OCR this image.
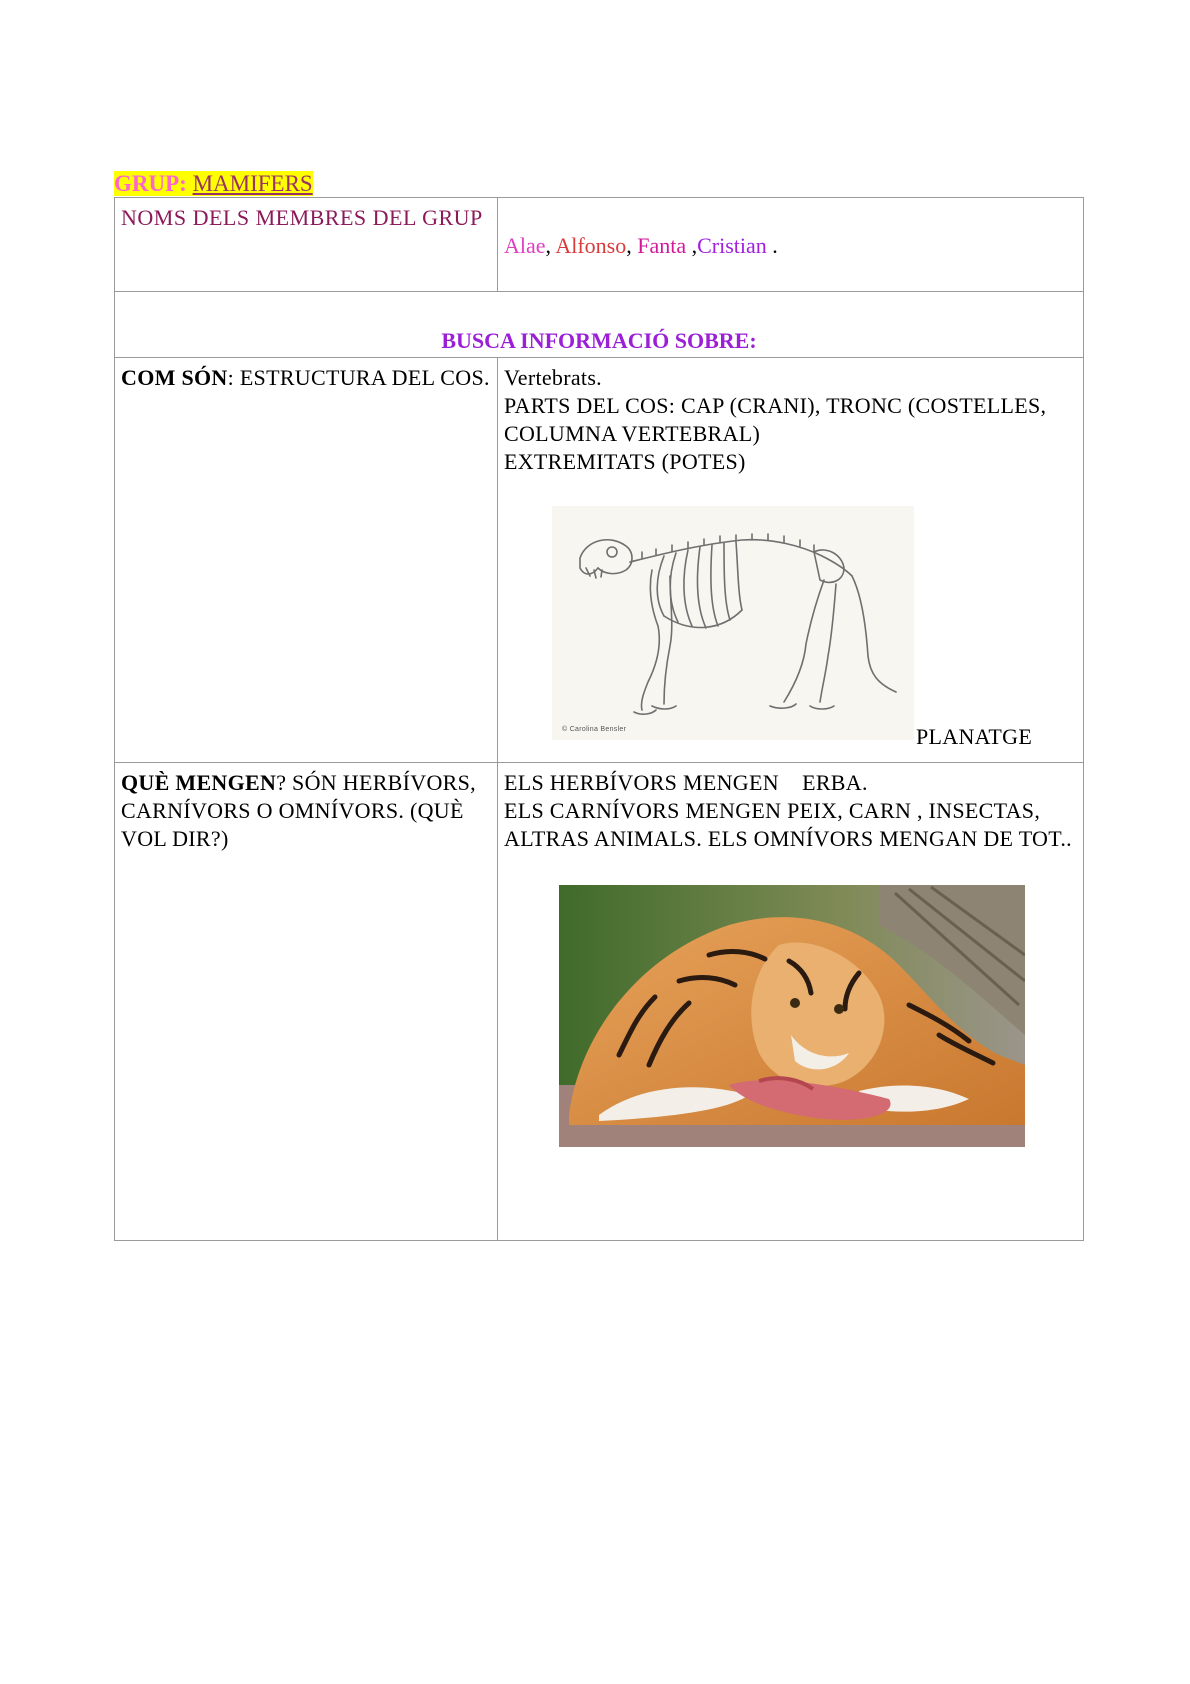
GRUP: MAMIFERS
NOMS DELS MEMBRES DEL GRUP	Alae, Alfonso, Fanta ,Cristian .
BUSCA INFORMACIÓ SOBRE:	
COM SÓN: ESTRUCTURA DEL COS.	Vertebrats.
PARTS DEL COS: CAP (CRANI), TRONC (COSTELLES, COLUMNA VERTEBRAL)
EXTREMITATS (POTES)
© Carolina Bensler PLANATGE

QUÈ MENGEN? SÓN HERBÍVORS, CARNÍVORS O OMNÍVORS. (QUÈ VOL DIR?)	ELS HERBÍVORS MENGEN    ERBA.
ELS CARNÍVORS MENGEN PEIX, CARN , INSECTAS, ALTRAS ANIMALS. ELS OMNÍVORS MENGAN DE TOT..
